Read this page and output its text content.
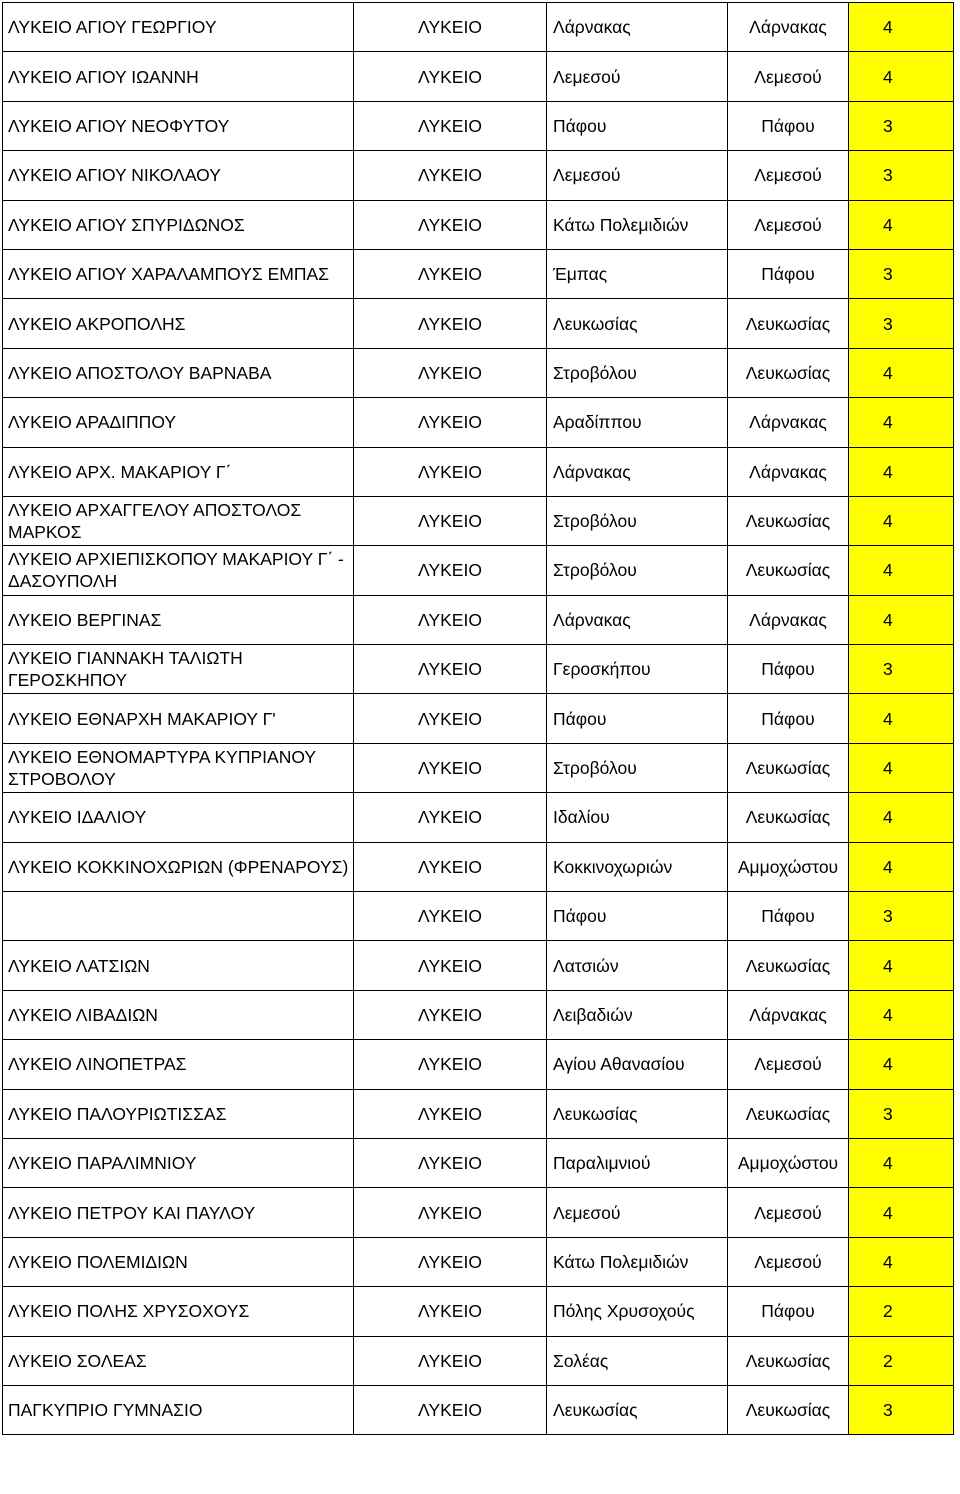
ΛΥΚΕΙΟ ΑΓΙΟΥ ΓΕΩΡΓΙΟΥ	ΛΥΚΕΙΟ	Λάρνακας	Λάρνακας	4
ΛΥΚΕΙΟ ΑΓΙΟΥ ΙΩΑΝΝΗ	ΛΥΚΕΙΟ	Λεμεσού	Λεμεσού	4
ΛΥΚΕΙΟ ΑΓΙΟΥ ΝΕΟΦΥΤΟΥ	ΛΥΚΕΙΟ	Πάφου	Πάφου	3
ΛΥΚΕΙΟ ΑΓΙΟΥ ΝΙΚΟΛΑΟΥ	ΛΥΚΕΙΟ	Λεμεσού	Λεμεσού	3
ΛΥΚΕΙΟ ΑΓΙΟΥ ΣΠΥΡΙΔΩΝΟΣ	ΛΥΚΕΙΟ	Κάτω Πολεμιδιών	Λεμεσού	4
ΛΥΚΕΙΟ ΑΓΙΟΥ ΧΑΡΑΛΑΜΠΟΥΣ ΕΜΠΑΣ	ΛΥΚΕΙΟ	Έμπας	Πάφου	3
ΛΥΚΕΙΟ ΑΚΡΟΠΟΛΗΣ	ΛΥΚΕΙΟ	Λευκωσίας	Λευκωσίας	3
ΛΥΚΕΙΟ ΑΠΟΣΤΟΛΟΥ ΒΑΡΝΑΒΑ	ΛΥΚΕΙΟ	Στροβόλου	Λευκωσίας	4
ΛΥΚΕΙΟ ΑΡΑΔΙΠΠΟΥ	ΛΥΚΕΙΟ	Αραδίππου	Λάρνακας	4
ΛΥΚΕΙΟ ΑΡΧ. ΜΑΚΑΡΙΟΥ Γ΄	ΛΥΚΕΙΟ	Λάρνακας	Λάρνακας	4
ΛΥΚΕΙΟ ΑΡΧΑΓΓΕΛΟΥ ΑΠΟΣΤΟΛΟΣ ΜΑΡΚΟΣ	ΛΥΚΕΙΟ	Στροβόλου	Λευκωσίας	4
ΛΥΚΕΙΟ ΑΡΧΙΕΠΙΣΚΟΠΟΥ ΜΑΚΑΡΙΟΥ Γ΄ - ΔΑΣΟΥΠΟΛΗ	ΛΥΚΕΙΟ	Στροβόλου	Λευκωσίας	4
ΛΥΚΕΙΟ ΒΕΡΓΙΝΑΣ	ΛΥΚΕΙΟ	Λάρνακας	Λάρνακας	4
ΛΥΚΕΙΟ ΓΙΑΝΝΑΚΗ ΤΑΛΙΩΤΗ ΓΕΡΟΣΚΗΠΟΥ	ΛΥΚΕΙΟ	Γεροσκήπου	Πάφου	3
ΛΥΚΕΙΟ ΕΘΝΑΡΧΗ ΜΑΚΑΡΙΟΥ Γ'	ΛΥΚΕΙΟ	Πάφου	Πάφου	4
ΛΥΚΕΙΟ ΕΘΝΟΜΑΡΤΥΡΑ ΚΥΠΡΙΑΝΟΥ ΣΤΡΟΒΟΛΟΥ	ΛΥΚΕΙΟ	Στροβόλου	Λευκωσίας	4
ΛΥΚΕΙΟ ΙΔΑΛΙΟΥ	ΛΥΚΕΙΟ	Ιδαλίου	Λευκωσίας	4
ΛΥΚΕΙΟ ΚΟΚΚΙΝΟΧΩΡΙΩΝ (ΦΡΕΝΑΡΟΥΣ)	ΛΥΚΕΙΟ	Κοκκινοχωριών	Αμμοχώστου	4
	ΛΥΚΕΙΟ	Πάφου	Πάφου	3
ΛΥΚΕΙΟ ΛΑΤΣΙΩΝ	ΛΥΚΕΙΟ	Λατσιών	Λευκωσίας	4
ΛΥΚΕΙΟ ΛΙΒΑΔΙΩΝ	ΛΥΚΕΙΟ	Λειβαδιών	Λάρνακας	4
ΛΥΚΕΙΟ ΛΙΝΟΠΕΤΡΑΣ	ΛΥΚΕΙΟ	Αγίου Αθανασίου	Λεμεσού	4
ΛΥΚΕΙΟ ΠΑΛΟΥΡΙΩΤΙΣΣΑΣ	ΛΥΚΕΙΟ	Λευκωσίας	Λευκωσίας	3
ΛΥΚΕΙΟ ΠΑΡΑΛΙΜΝΙΟΥ	ΛΥΚΕΙΟ	Παραλιμνιού	Αμμοχώστου	4
ΛΥΚΕΙΟ ΠΕΤΡΟΥ ΚΑΙ ΠΑΥΛΟΥ	ΛΥΚΕΙΟ	Λεμεσού	Λεμεσού	4
ΛΥΚΕΙΟ ΠΟΛΕΜΙΔΙΩΝ	ΛΥΚΕΙΟ	Κάτω Πολεμιδιών	Λεμεσού	4
ΛΥΚΕΙΟ ΠΟΛΗΣ ΧΡΥΣΟΧΟΥΣ	ΛΥΚΕΙΟ	Πόλης Χρυσοχούς	Πάφου	2
ΛΥΚΕΙΟ ΣΟΛΕΑΣ	ΛΥΚΕΙΟ	Σολέας	Λευκωσίας	2
ΠΑΓΚΥΠΡΙΟ ΓΥΜΝΑΣΙΟ	ΛΥΚΕΙΟ	Λευκωσίας	Λευκωσίας	3
